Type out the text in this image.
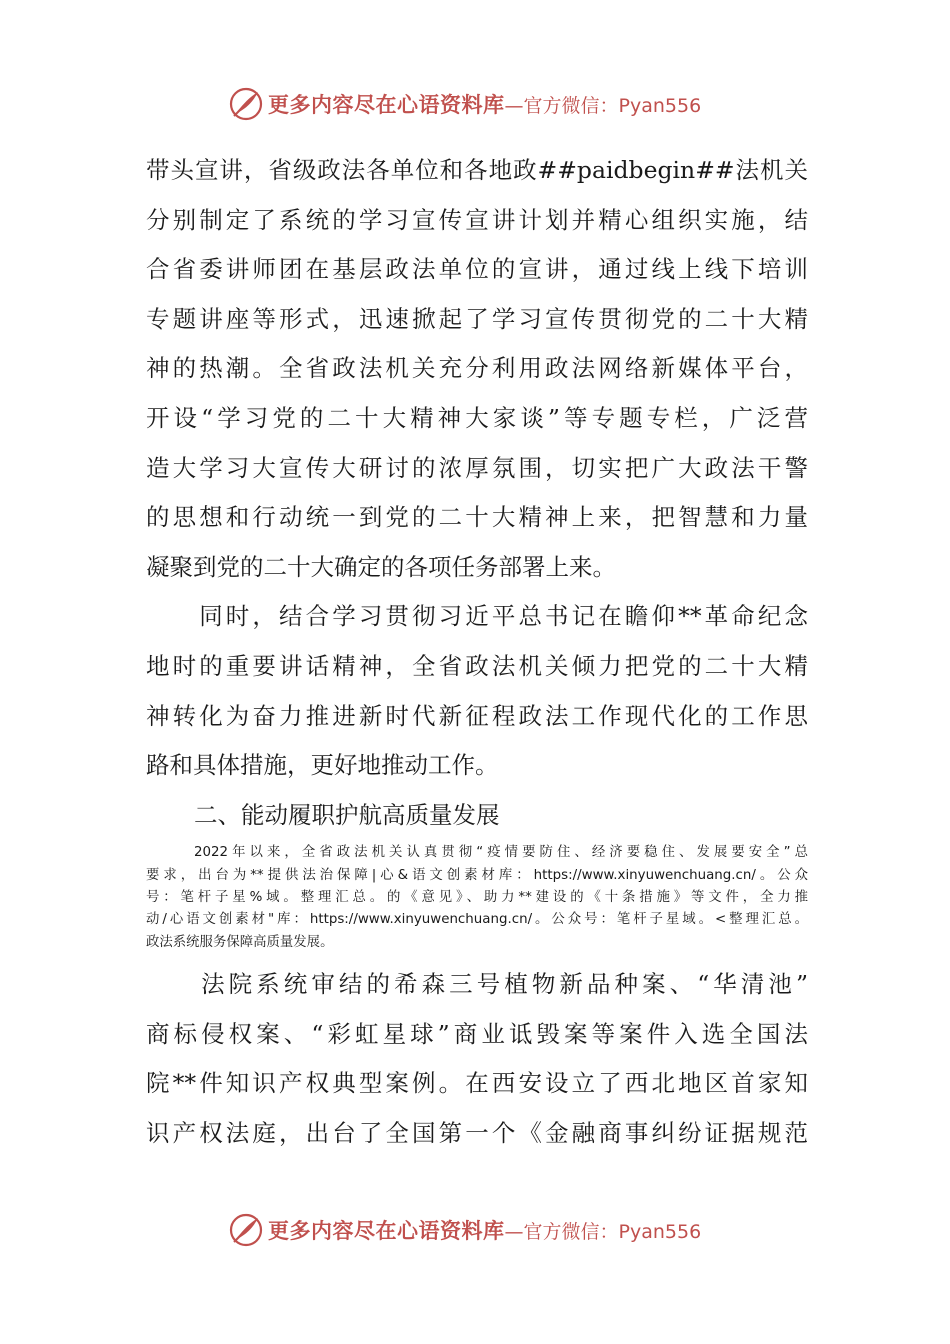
更多内容尽在心语资料库 —官方微信：Pyan556
带头宣讲，省级政法各单位和各地政##paidbegin##法机关
分别制定了系统的学习宣传宣讲计划并精心组织实施，结
合省委讲师团在基层政法单位的宣讲，通过线上线下培训
专题讲座等形式，迅速掀起了学习宣传贯彻党的二十大精
神的热潮。全省政法机关充分利用政法网络新媒体平台，
开设“学习党的二十大精神大家谈”等专题专栏，广泛营
造大学习大宣传大研讨的浓厚氛围，切实把广大政法干警
的思想和行动统一到党的二十大精神上来，把智慧和力量
凝聚到党的二十大确定的各项任务部署上来。
　　同时，结合学习贯彻习近平总书记在瞻仰**革命纪念
地时的重要讲话精神，全省政法机关倾力把党的二十大精
神转化为奋力推进新时代新征程政法工作现代化的工作思
路和具体措施，更好地推动工作。
二、能动履职护航高质量发展
2022年以来，全省政法机关认真贯彻“疫情要防住、经济要稳住、发展要安全”总
要求，出台为**提供法治保障|心&语文创素材库：https://www.xinyuwenchuang.cn/。公众
号：笔杆子星%域。整理汇总。的《意见》、助力**建设的《十条措施》等文件，全力推
动/心语文创素材"库：https://www.xinyuwenchuang.cn/。公众号：笔杆子星域。<整理汇总。
政法系统服务保障高质量发展。
　　法院系统审结的希森三号植物新品种案、“华清池”
商标侵权案、“彩虹星球”商业诋毁案等案件入选全国法
院**件知识产权典型案例。在西安设立了西北地区首家知
识产权法庭，出台了全国第一个《金融商事纠纷证据规范
更多内容尽在心语资料库 —官方微信：Pyan556
